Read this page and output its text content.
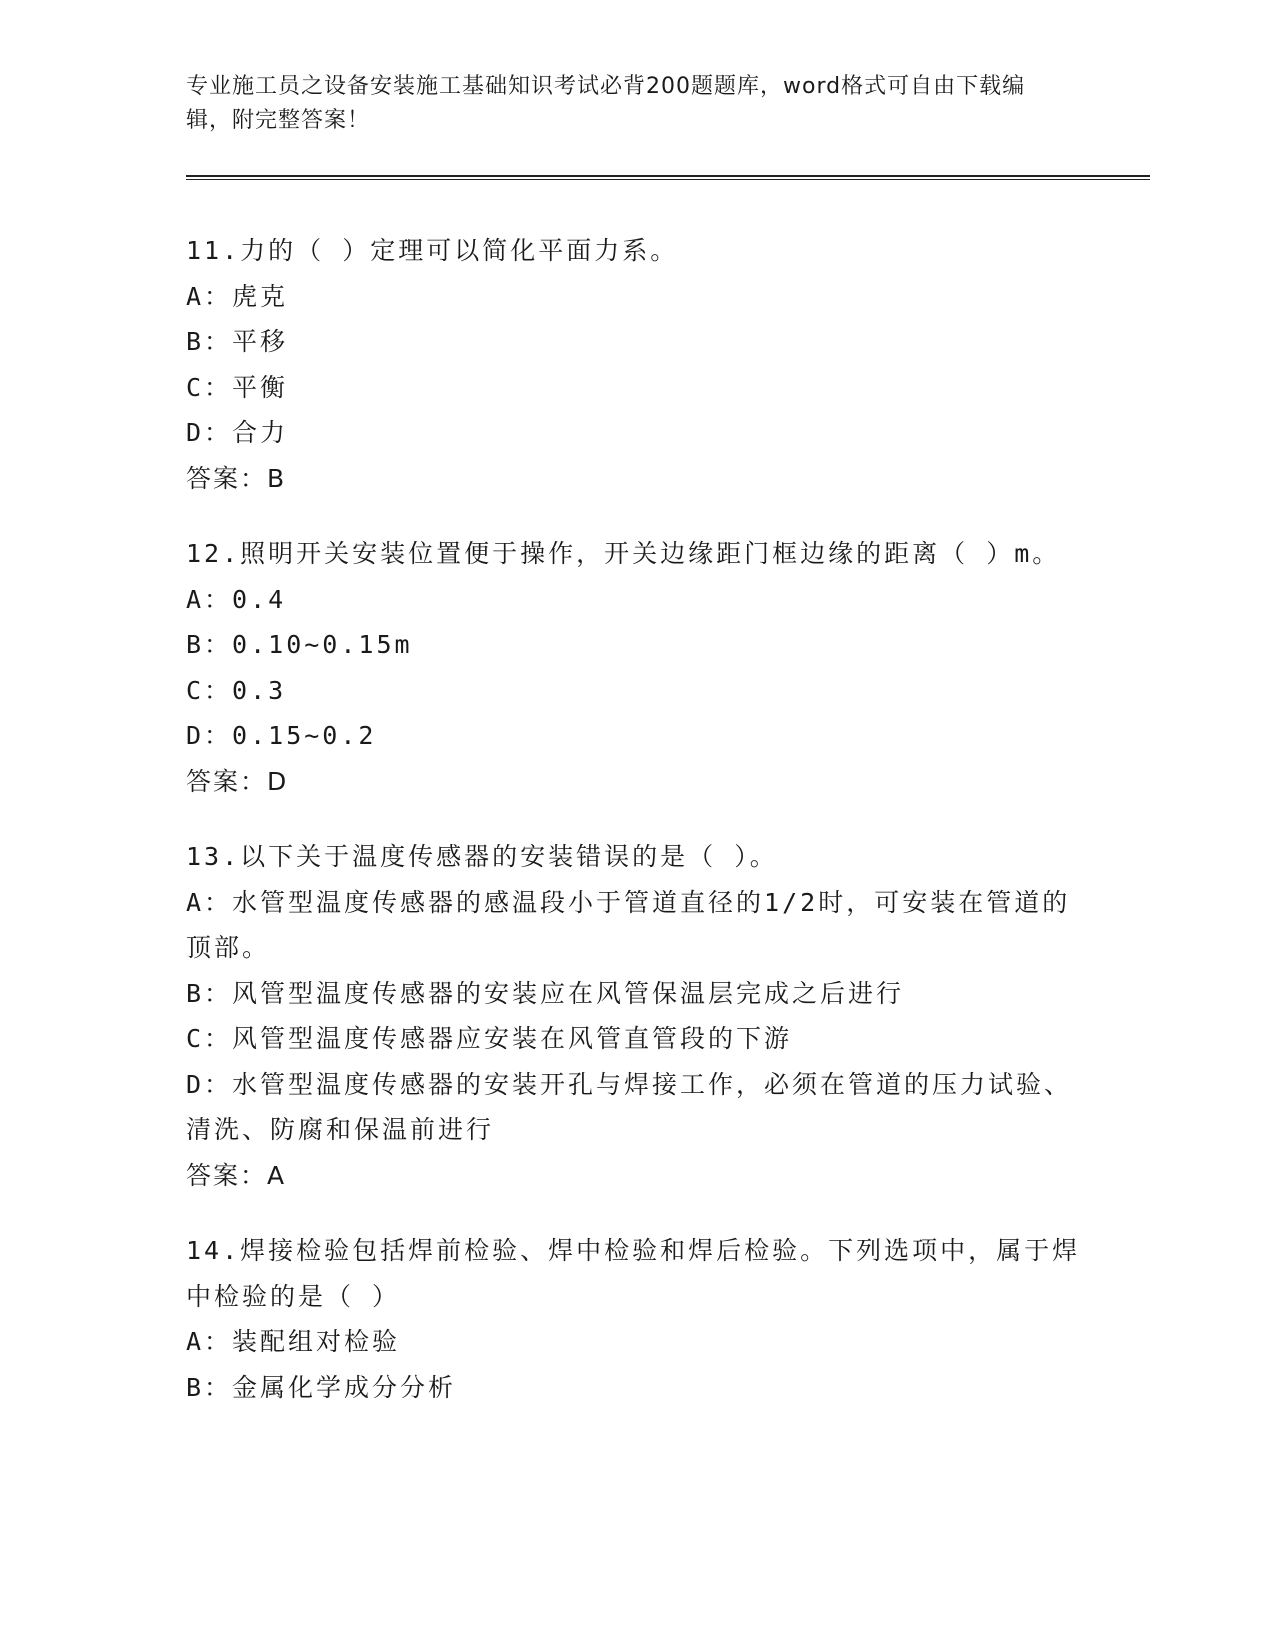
专业施工员之设备安装施工基础知识考试必背200题题库，word格式可自由下载编辑，附完整答案！

11.力的（ ）定理可以简化平面力系。

A：虎克

B：平移

C：平衡

D：合力

答案：B

12.照明开关安装位置便于操作，开关边缘距门框边缘的距离（ ）m。

A：0.4

B：0.10~0.15m

C：0.3

D：0.15~0.2

答案：D

13.以下关于温度传感器的安装错误的是（ ）。

A：水管型温度传感器的感温段小于管道直径的1/2时，可安装在管道的顶部。

B：风管型温度传感器的安装应在风管保温层完成之后进行

C：风管型温度传感器应安装在风管直管段的下游

D：水管型温度传感器的安装开孔与焊接工作，必须在管道的压力试验、清洗、防腐和保温前进行

答案：A

14.焊接检验包括焊前检验、焊中检验和焊后检验。下列选项中，属于焊中检验的是（ ）

A：装配组对检验

B：金属化学成分分析
